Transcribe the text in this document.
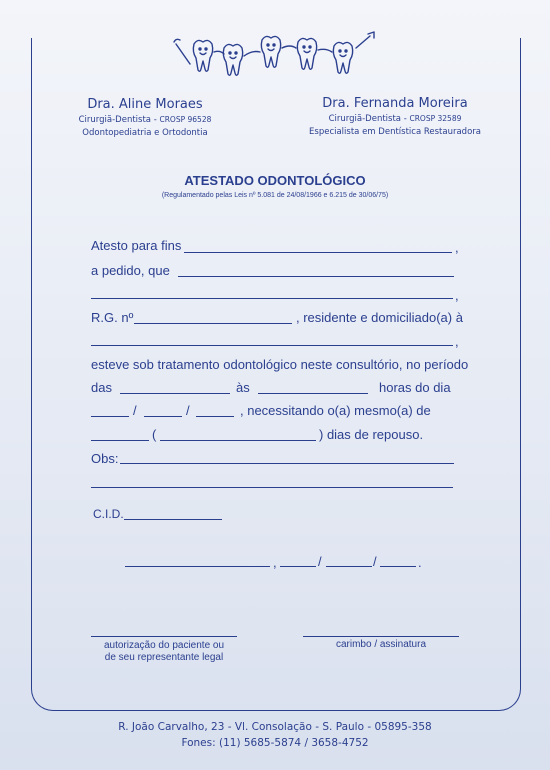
Dra. Aline Moraes
Cirurgiã-Dentista - CROSP 96528
Odontopediatria e Ortodontia
Dra. Fernanda Moreira
Cirurgiã-Dentista - CROSP 32589
Especialista em Dentística Restauradora
ATESTADO ODONTOLÓGICO
(Regulamentado pelas Leis nº 5.081 de 24/08/1966 e 6.215 de 30/06/75)
Atesto para fins	,
a pedido, que
,
R.G. nº	, residente e domiciliado(a) à
,
esteve sob tratamento odontológico neste consultório, no período
das	às	horas do dia
/	/	, necessitando o(a) mesmo(a) de
(	) dias de repouso.
Obs:
C.I.D.
,	/	/	.
autorização do paciente ou
de seu representante legal
carimbo / assinatura
R. João Carvalho, 23 - Vl. Consolação - S. Paulo - 05895-358
Fones: (11) 5685-5874 / 3658-4752
